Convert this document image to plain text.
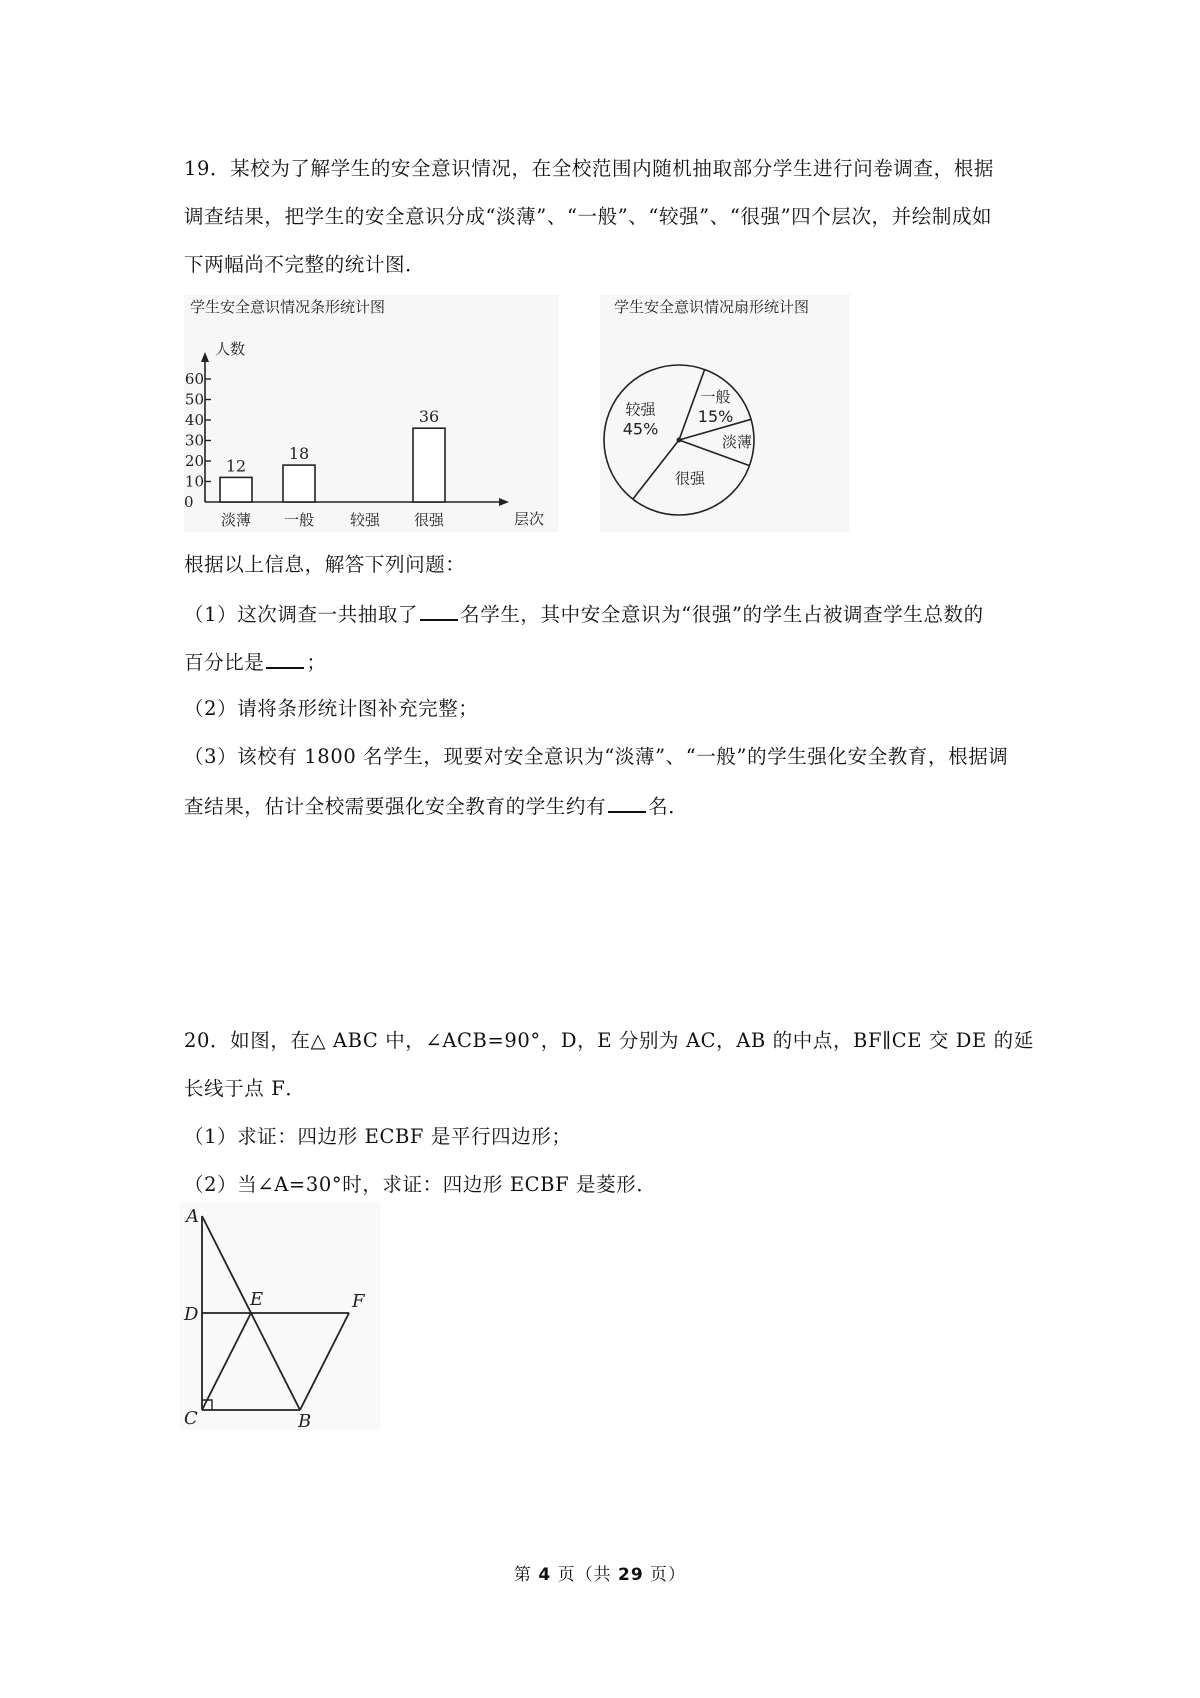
19．某校为了解学生的安全意识情况，在全校范围内随机抽取部分学生进行问卷调查，根据
调查结果，把学生的安全意识分成“淡薄”、“一般”、“较强”、“很强”四个层次，并绘制成如
下两幅尚不完整的统计图．
学生安全意识情况条形统计图
人数
层次
0
10
20
30
40
50
60
12
淡薄
18
一般 较强
36
很强
学生安全意识情况扇形统计图
一般
15%
淡薄
很强
较强
45%
根据以上信息，解答下列问题：
（1）这次调查一共抽取了 名学生，其中安全意识为“很强”的学生占被调查学生总数的
百分比是 ；
（2）请将条形统计图补充完整；
（3）该校有 1800 名学生，现要对安全意识为“淡薄”、“一般”的学生强化安全教育，根据调
查结果，估计全校需要强化安全教育的学生约有 名．
20．如图，在△ ABC 中，∠ACB=90°，D，E 分别为 AC，AB 的中点，BF∥CE 交 DE 的延
长线于点 F．
（1）求证：四边形 ECBF 是平行四边形；
（2）当∠A=30°时，求证：四边形 ECBF 是菱形．
A
D
E	F
C	B
第 4 页（共 29 页）
